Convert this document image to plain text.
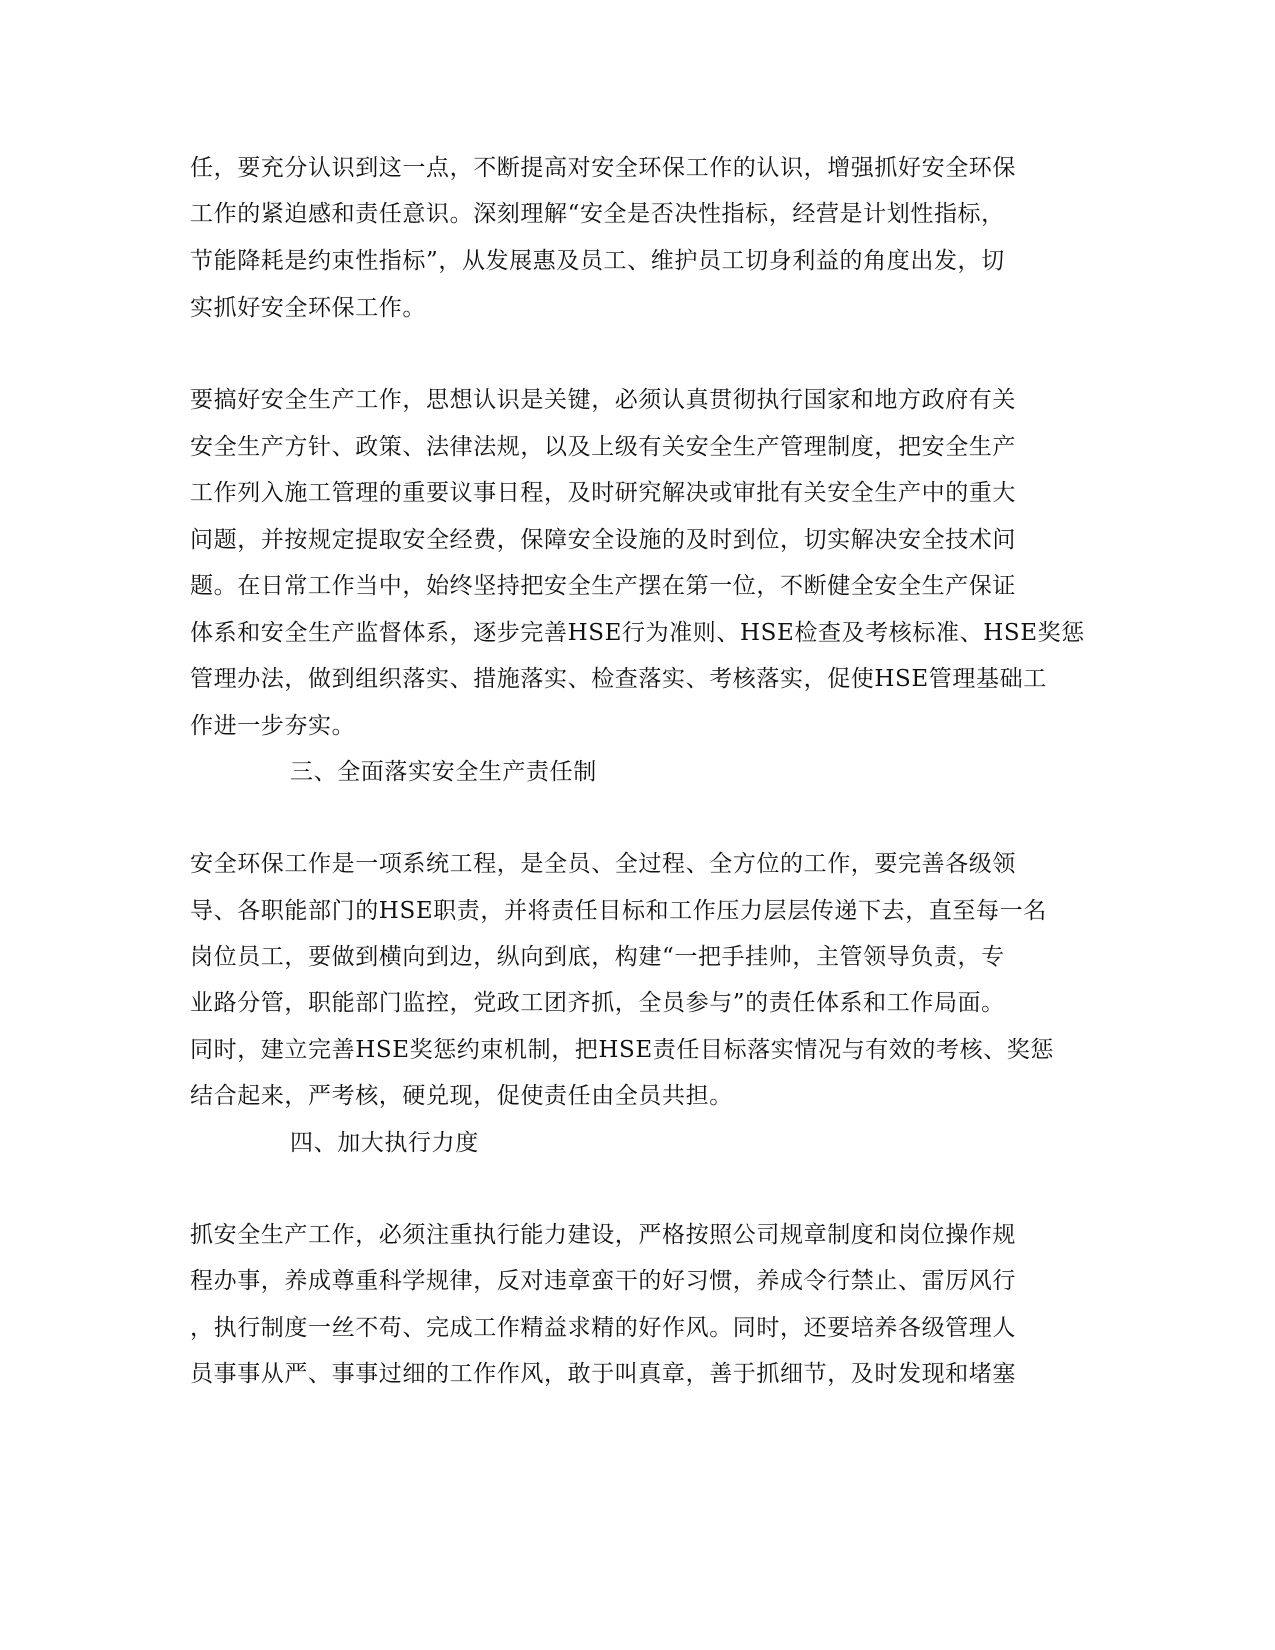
任，要充分认识到这一点，不断提高对安全环保工作的认识，增强抓好安全环保
工作的紧迫感和责任意识。深刻理解“安全是否决性指标，经营是计划性指标，
节能降耗是约束性指标”，从发展惠及员工、维护员工切身利益的角度出发，切
实抓好安全环保工作。
要搞好安全生产工作，思想认识是关键，必须认真贯彻执行国家和地方政府有关
安全生产方针、政策、法律法规，以及上级有关安全生产管理制度，把安全生产
工作列入施工管理的重要议事日程，及时研究解决或审批有关安全生产中的重大
问题，并按规定提取安全经费，保障安全设施的及时到位，切实解决安全技术问
题。在日常工作当中，始终坚持把安全生产摆在第一位，不断健全安全生产保证
体系和安全生产监督体系，逐步完善HSE行为准则、HSE检查及考核标准、HSE奖惩
管理办法，做到组织落实、措施落实、检查落实、考核落实，促使HSE管理基础工
作进一步夯实。
三、全面落实安全生产责任制
安全环保工作是一项系统工程，是全员、全过程、全方位的工作，要完善各级领
导、各职能部门的HSE职责，并将责任目标和工作压力层层传递下去，直至每一名
岗位员工，要做到横向到边，纵向到底，构建“一把手挂帅，主管领导负责，专
业路分管，职能部门监控，党政工团齐抓，全员参与”的责任体系和工作局面。
同时，建立完善HSE奖惩约束机制，把HSE责任目标落实情况与有效的考核、奖惩
结合起来，严考核，硬兑现，促使责任由全员共担。
四、加大执行力度
抓安全生产工作，必须注重执行能力建设，严格按照公司规章制度和岗位操作规
程办事，养成尊重科学规律，反对违章蛮干的好习惯，养成令行禁止、雷厉风行
，执行制度一丝不苟、完成工作精益求精的好作风。同时，还要培养各级管理人
员事事从严、事事过细的工作作风，敢于叫真章，善于抓细节，及时发现和堵塞
